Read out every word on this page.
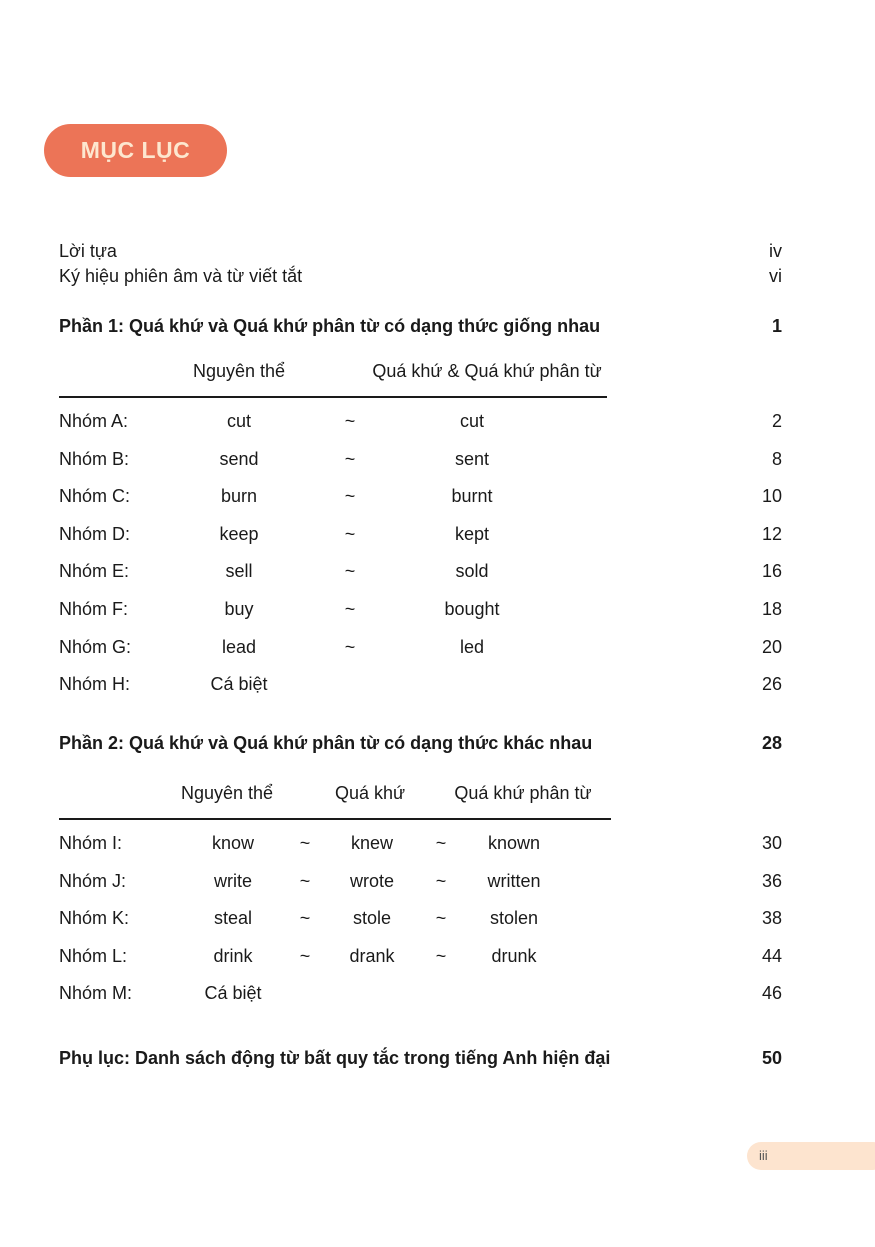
MỤC LỤC
Lời tựa	iv
Ký hiệu phiên âm và từ viết tắt	vi
Phần 1: Quá khứ và Quá khứ phân từ có dạng thức giống nhau	1
Nguyên thể	Quá khứ & Quá khứ phân từ
Nhóm A:	cut	~	cut	2
Nhóm B:	send	~	sent	8
Nhóm C:	burn	~	burnt	10
Nhóm D:	keep	~	kept	12
Nhóm E:	sell	~	sold	16
Nhóm F:	buy	~	bought	18
Nhóm G:	lead	~	led	20
Nhóm H:	Cá biệt	26
Phần 2: Quá khứ và Quá khứ phân từ có dạng thức khác nhau	28
Nguyên thể	Quá khứ	Quá khứ phân từ
Nhóm I:	know	~ knew ~ known	30
Nhóm J:	write	~ wrote ~ written	36
Nhóm K:	steal	~ stole ~ stolen	38
Nhóm L:	drink	~ drank ~	drunk	44
Nhóm M:	Cá biệt	46
Phụ lục: Danh sách động từ bất quy tắc trong tiếng Anh hiện đại	50
iii
